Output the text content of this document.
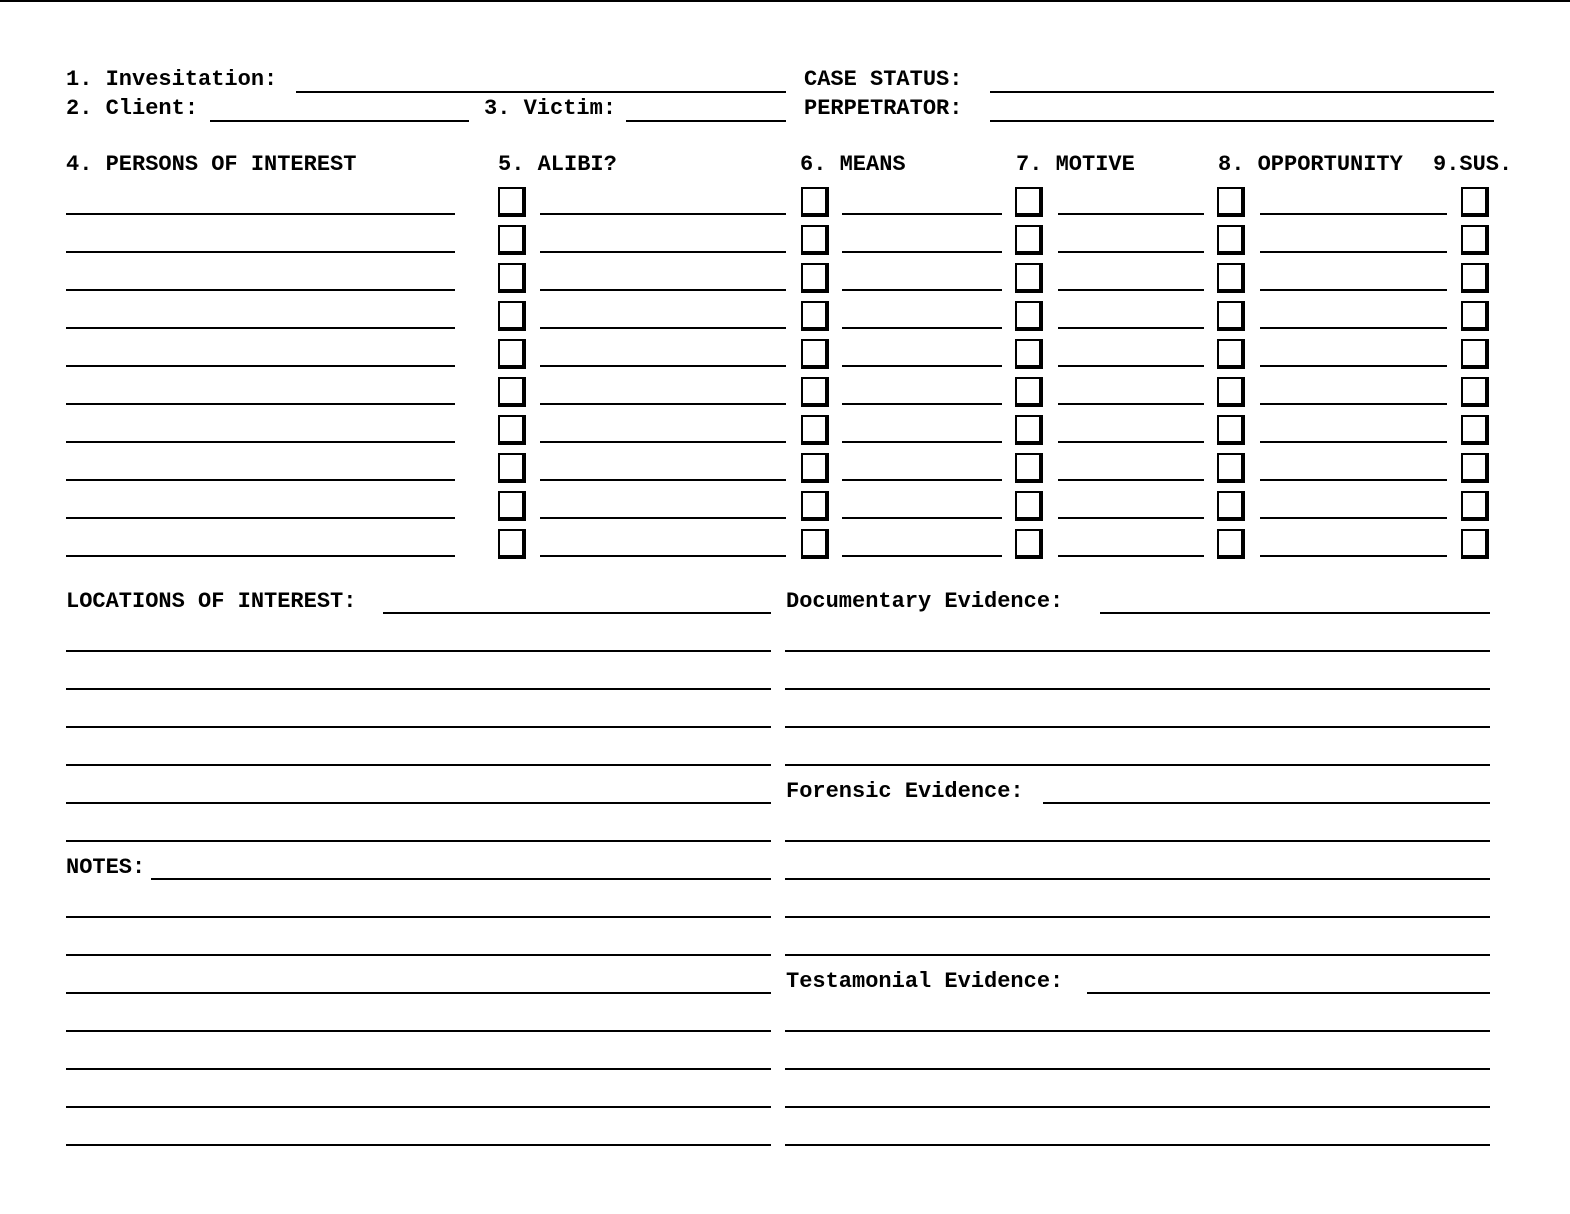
1. Invesitation:	CASE STATUS:
2. Client:	3. Victim:	PERPETRATOR:
4. PERSONS OF INTEREST	5. ALIBI?	6. MEANS	7. MOTIVE	8. OPPORTUNITY 9.SUS.
LOCATIONS OF INTEREST:
NOTES:
Documentary Evidence:
Forensic Evidence:
Testamonial Evidence:
